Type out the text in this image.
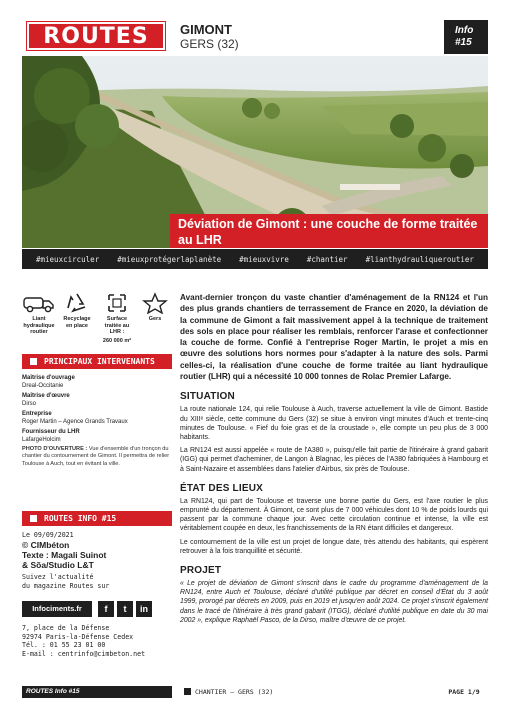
ROUTES	GIMONT
GERS (32)
Info
#15
Déviation de Gimont : une couche de forme traitée au LHR
#mieuxcirculer #mieuxprotégerlaplanète #mieuxvivre #chantier #lianthydrauliqueroutier
Liant hydraulique routier
Recyclage en place
Surface traitée au LHR :
260 000 m²
Gers
PRINCIPAUX INTERVENANTS
Maîtrise d'ouvrage
Dreal-Occitanie
Maîtrise d'œuvre
Dirso
Entreprise
Roger Martin – Agence Grands Travaux
Fournisseur du LHR
LafargeHolcim
PHOTO D'OUVERTURE : Vue d'ensemble d'un tronçon du chantier du contournement de Gimont. Il permettra de relier Toulouse à Auch, tout en évitant la ville.
ROUTES INFO #15
Le 09/09/2021
© CIMbéton
Texte : Magali Suinot
& Sõa/Studio L&T
Suivez l'actualité
du magazine Routes sur
Infociments.fr	f	t	in
7, place de la Défense
92974 Paris-la-Défense Cedex
Tél. : 01 55 23 01 00
E-mail : centrinfo@cimbeton.net
Avant-dernier tronçon du vaste chantier d'aménagement de la RN124 et l'un des plus grands chantiers de terrassement de France en 2020, la déviation de la commune de Gimont a fait massivement appel à la technique de traitement des sols en place pour réaliser les remblais, renforcer l'arase et confectionner la couche de forme. Confié à l'entreprise Roger Martin, le projet a mis en œuvre des solutions hors normes pour s'adapter à la nature des sols. Parmi celles-ci, la réalisation d'une couche de forme traitée au liant hydraulique routier (LHR) qui a nécessité 10 000 tonnes de Rolac Premier Lafarge.
SITUATION
La route nationale 124, qui relie Toulouse à Auch, traverse actuellement la ville de Gimont. Bastide du XIIIᵉ siècle, cette commune du Gers (32) se situe à environ vingt minutes d'Auch et trente-cinq minutes de Toulouse. « Fief du foie gras et de la croustade », elle compte un peu plus de 3 000 habitants.
La RN124 est aussi appelée « route de l'A380 », puisqu'elle fait partie de l'itinéraire à grand gabarit (IGG) qui permet d'acheminer, de Langon à Blagnac, les pièces de l'A380 fabriquées à Hambourg et à Saint-Nazaire et assemblées dans l'atelier d'Airbus, six près de Toulouse.
ÉTAT DES LIEUX
La RN124, qui part de Toulouse et traverse une bonne partie du Gers, est l'axe routier le plus emprunté du département. À Gimont, ce sont plus de 7 000 véhicules dont 10 % de poids lourds qui passent par la commune chaque jour. Avec cette circulation continue et intense, la ville est véritablement coupée en deux, les franchissements de la RN étant difficiles et dangereux.
Le contournement de la ville est un projet de longue date, très attendu des habitants, qui espèrent retrouver à la fois tranquillité et sécurité.
PROJET
« Le projet de déviation de Gimont s'inscrit dans le cadre du programme d'aménagement de la RN124, entre Auch et Toulouse, déclaré d'utilité publique par décret en conseil d'État du 3 août 1999, prorogé par décrets en 2009, puis en 2019 et jusqu'en août 2024. Ce projet s'inscrit également dans le tracé de l'itinéraire à très grand gabarit (ITGG), déclaré d'utilité publique en date du 30 mai 2002 », explique Raphaël Pasco, de la Dirso, maître d'œuvre de ce projet.
ROUTES Info #15	CHANTIER – GERS (32)	PAGE 1/9
